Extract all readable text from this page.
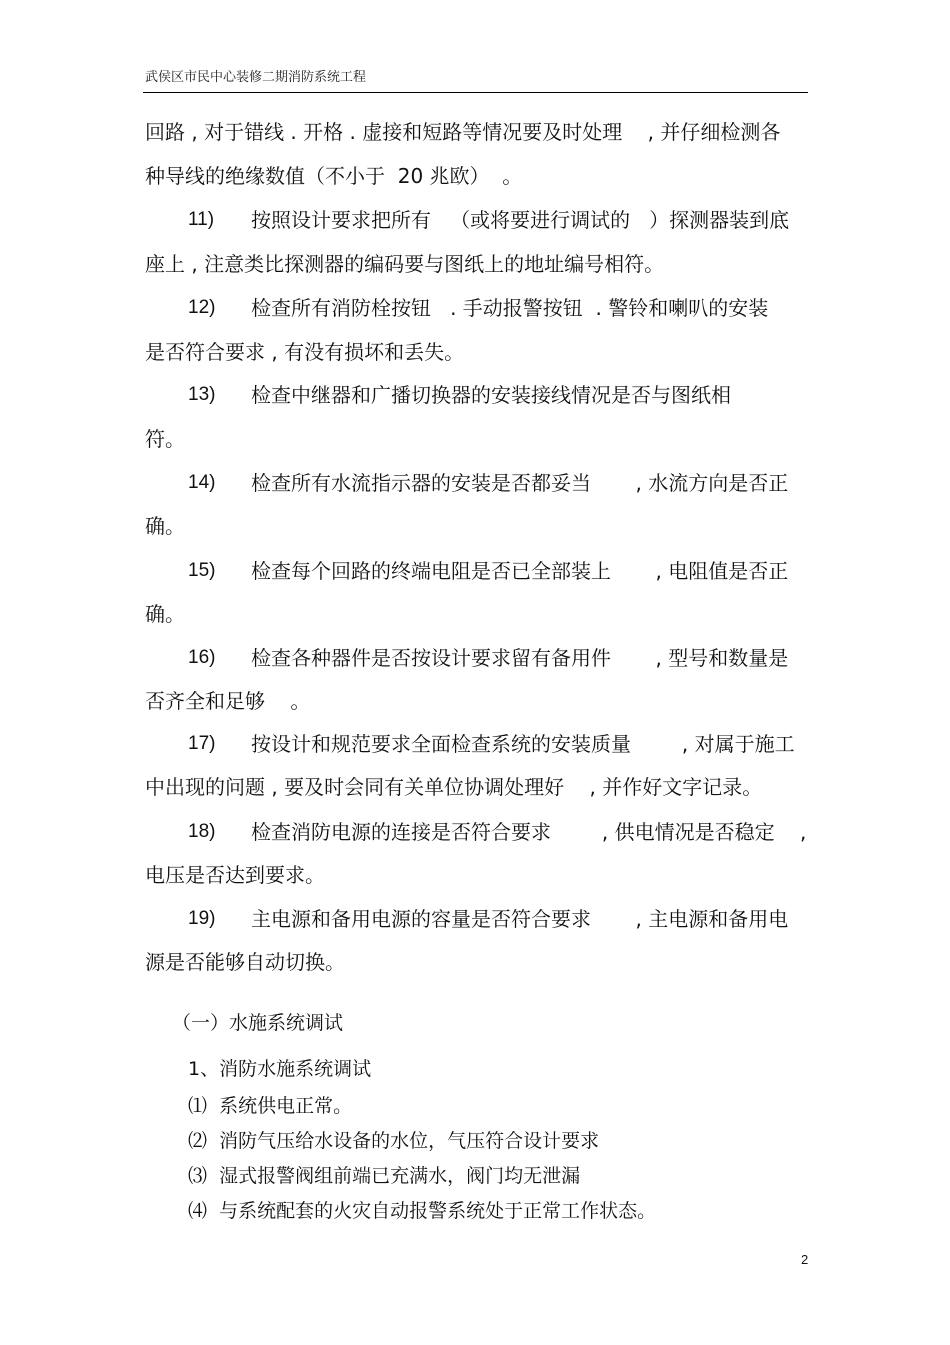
武侯区市民中心装修二期消防系统工程
回路 , 对于错线 . 开格 . 虚接和短路等情况要及时处理    , 并仔细检测各
种导线的绝缘数值（不小于  20 兆欧）  。
11) 按照设计要求把所有   （或将要进行调试的   ）探测器装到底
座上 , 注意类比探测器的编码要与图纸上的地址编号相符。
12) 检查所有消防栓按钮   . 手动报警按钮  . 警铃和喇叭的安装
是否符合要求 , 有没有损坏和丢失。
13) 检查中继器和广播切换器的安装接线情况是否与图纸相
符。
14) 检查所有水流指示器的安装是否都妥当       , 水流方向是否正
确。
15) 检查每个回路的终端电阻是否已全部装上       , 电阻值是否正
确。
16) 检查各种器件是否按设计要求留有备用件       , 型号和数量是
否齐全和足够    。
17) 按设计和规范要求全面检查系统的安装质量        , 对属于施工
中出现的问题 , 要及时会同有关单位协调处理好    , 并作好文字记录。
18) 检查消防电源的连接是否符合要求        , 供电情况是否稳定    ,
电压是否达到要求。
19) 主电源和备用电源的容量是否符合要求       , 主电源和备用电
源是否能够自动切换。
（一）水施系统调试
1、消防水施系统调试
⑴  系统供电正常。
⑵  消防气压给水设备的水位，气压符合设计要求
⑶  湿式报警阀组前端已充满水，阀门均无泄漏
⑷  与系统配套的火灾自动报警系统处于正常工作状态。
2
